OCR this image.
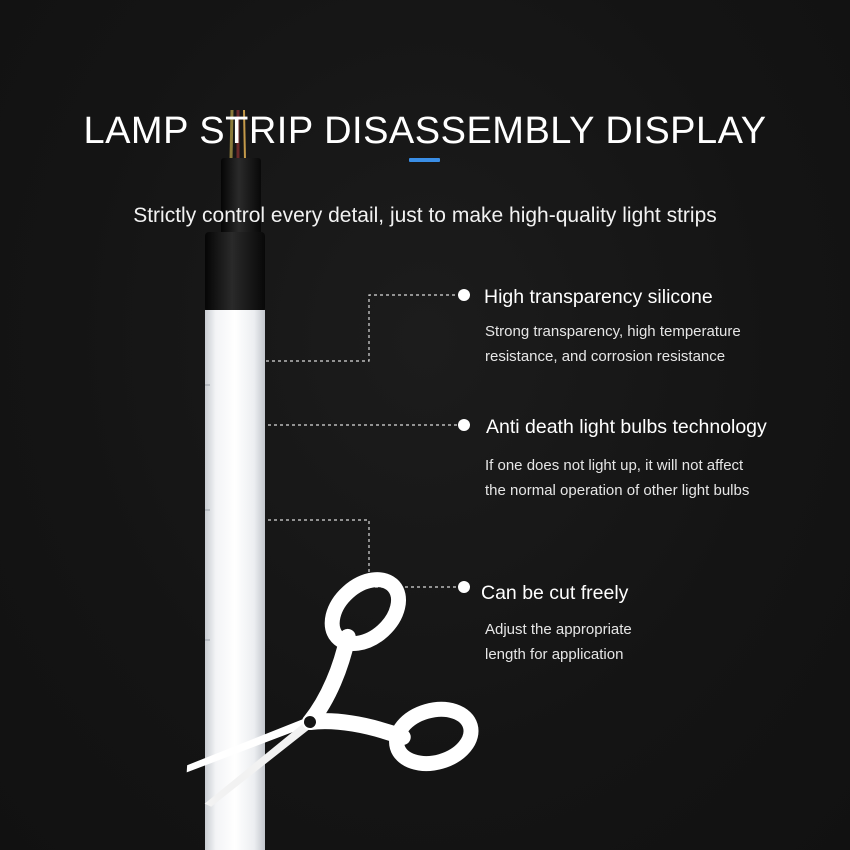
LAMP STRIP DISASSEMBLY DISPLAY
Strictly control every detail, just to make high-quality light strips
High transparency silicone
Strong transparency, high temperature
resistance, and corrosion resistance
Anti death light bulbs technology
If one does not light up, it will not affect
the normal operation of other light bulbs
Can be cut freely
Adjust the appropriate
length for application
